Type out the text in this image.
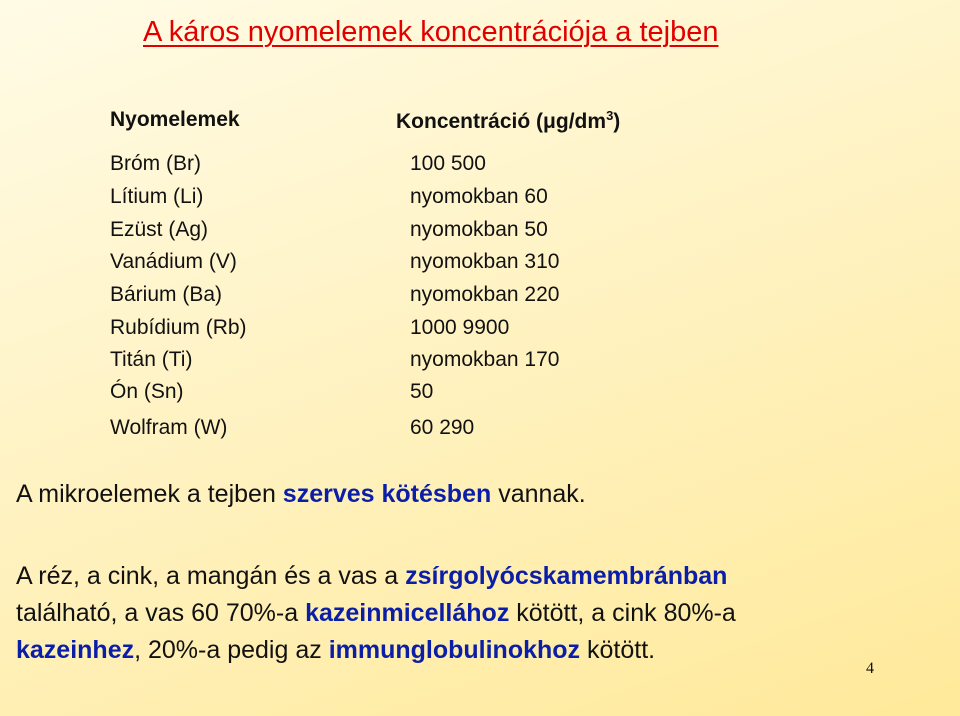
A káros nyomelemek koncentrációja a tejben
Nyomelemek	Koncentráció $(\mu g/dm^3)$
Bróm (Br)	100 500
Lítium (Li)	nyomokban 60
Ezüst (Ag)	nyomokban 50
Vanádium (V)	nyomokban 310
Bárium (Ba)	nyomokban 220
Rubídium (Rb)	1000 9900
Titán (Ti)	nyomokban 170
Ón (Sn)	50
Wolfram (W)	60 290
A mikroelemek a tejben szerves kötésben vannak.
A réz, a cink, a mangán és a vas a zsírgolyócskamembránban
található, a vas 60 70%-a kazeinmicellához kötött, a cink 80%-a
kazeinhez, 20%-a pedig az immunglobulinokhoz kötött.
4
